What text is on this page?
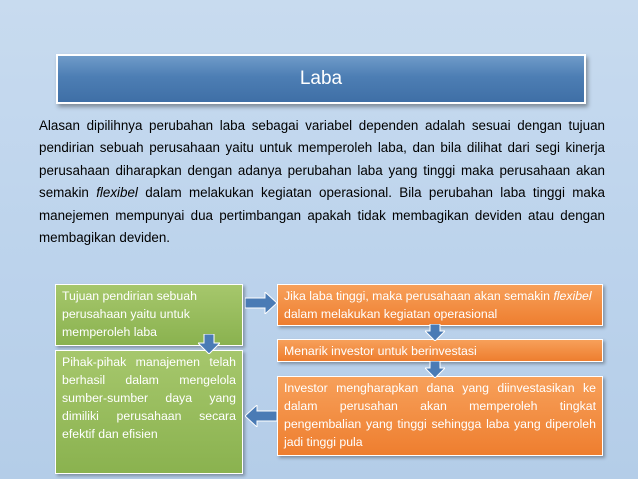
Laba
Alasan dipilihnya perubahan laba sebagai variabel dependen adalah sesuai dengan tujuan pendirian sebuah perusahaan yaitu untuk memperoleh laba, dan bila dilihat dari segi kinerja perusahaan diharapkan dengan adanya perubahan laba yang tinggi maka perusahaan akan semakin flexibel dalam melakukan kegiatan operasional. Bila perubahan laba tinggi maka manejemen mempunyai dua pertimbangan apakah tidak membagikan deviden atau dengan membagikan deviden.
Tujuan pendirian sebuah perusahaan yaitu untuk memperoleh laba
Pihak-pihak manajemen telah berhasil dalam mengelola sumber-sumber daya yang dimiliki perusahaan secara efektif dan efisien
Jika laba tinggi, maka perusahaan akan semakin flexibel dalam melakukan kegiatan operasional
Menarik investor untuk berinvestasi
Investor mengharapkan dana yang diinvestasikan ke dalam perusahan akan memperoleh tingkat pengembalian yang tinggi sehingga laba yang diperoleh jadi tinggi pula
